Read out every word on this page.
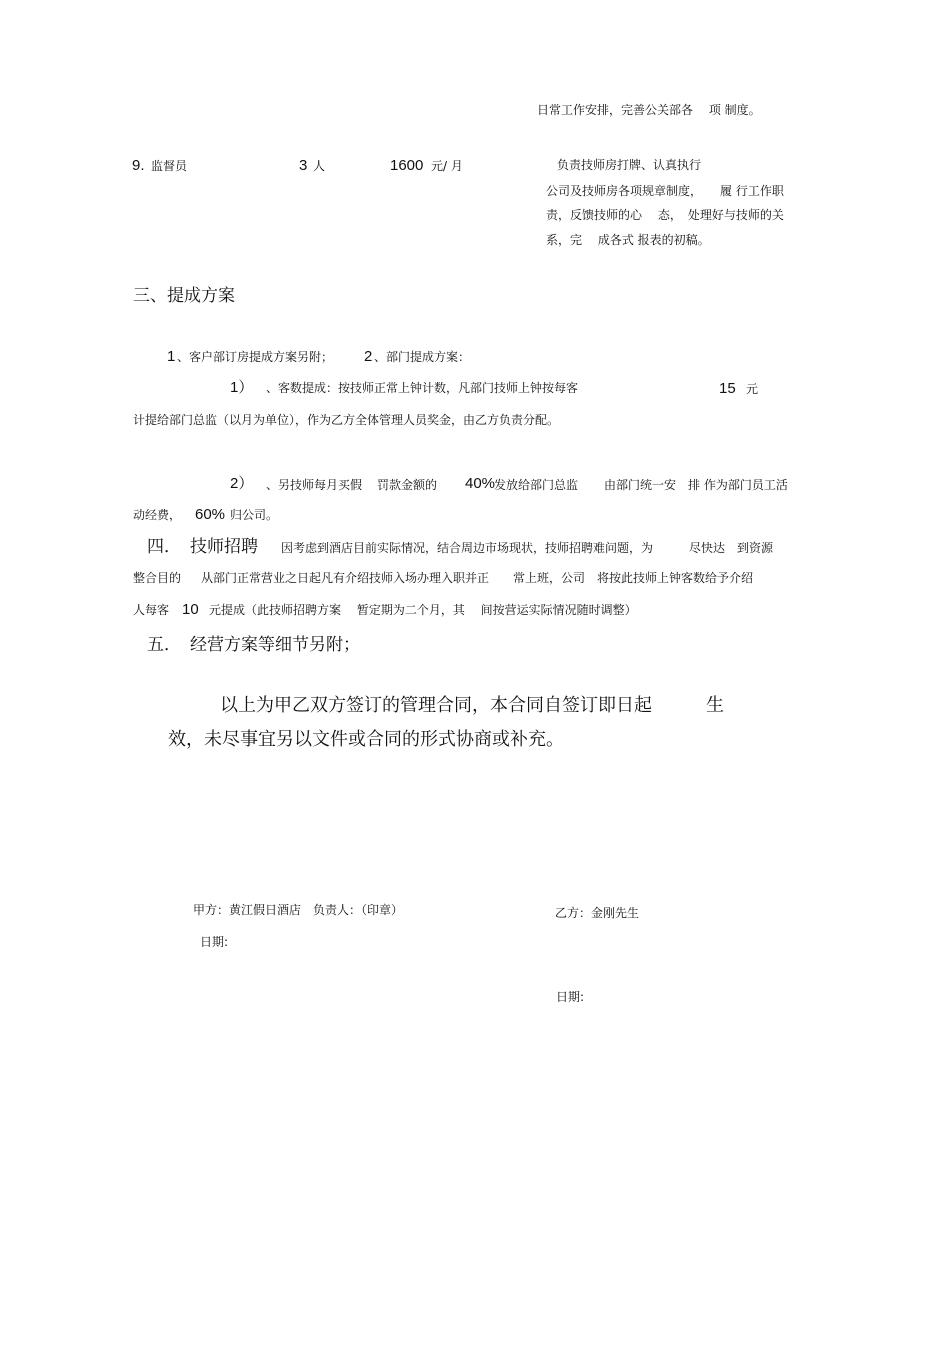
日常工作安排，完善公关部各　 项 制度。
9. 监督员	3 人	1600 元/ 月	负责技师房打牌、认真执行
公司及技师房各项规章制度，　　履 行工作职
责，反馈技师的心　 态，　处理好与技师的关
系，完　 成各式 报表的初稿。
三、提成方案
1 、客户部订房提成方案另附； 2 、部门提成方案：
1） 、客数提成：按技师正常上钟计数，凡部门技师上钟按每客	15 元
计提给部门总监（以月为单位），作为乙方全体管理人员奖金，由乙方负责分配。
2） 、另技师每月买假 罚款金额的 40%
发放给部门总监 由部门统一安　排 作为部门员工活
动经费， 60% 归公司。
四． 技师招聘 因考虑到酒店目前实际情况，结合周边市场现状，技师招聘难问题，为　　　尽快达　到资源
整合目的 从部门正常营业之日起凡有介绍技师入场办理入职并正　　常上班，公司　将按此技师上钟客数给予介绍
人每客 10 元提成（此技师招聘方案　 暂定期为二个月，其　 间按营运实际情况随时调整）
五． 经营方案等细节另附；
以上为甲乙双方签订的管理合同，本合同自签订即日起　　　生
效，未尽事宜另以文件或合同的形式协商或补充。
甲方：黄江假日酒店　负责人：（印章）
日期:
乙方：金刚先生
日期:
